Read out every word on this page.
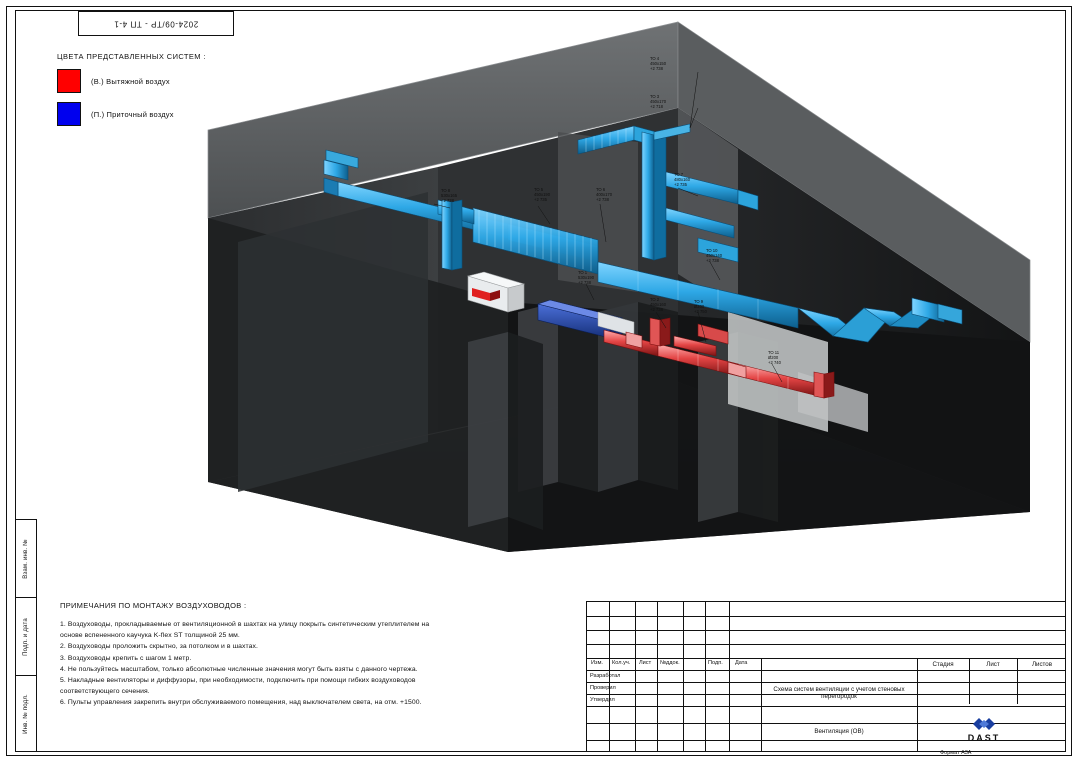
2024-09/TP - TП 4-1
Взам. инв. №
Подп. и дата
Инв. № подл.
ЦВЕТА ПРЕДСТАВЛЕННЫХ СИСТЕМ :
(В.) Вытяжной воздух
(П.) Приточный воздух
ТО 4
450х150
+2 738
ТО 3
450х170
+2 718
ТО 8
530х165
+2 738
ТО 5
450х190
+2 735
ТО 6
400х170
+2 738
ТО 7
480х160
+2 735
ТО 10
450х140
+2 738
ТО 1
530х190
+2 738
ТО 2
450х160
+2 738
ТО 9
Ø200
+2 750
ТО 11
Ø200
+2 740
ПРИМЕЧАНИЯ ПО МОНТАЖУ ВОЗДУХОВОДОВ :
1. Воздуховоды, прокладываемые от вентиляционной в шахтах на улицу покрыть синтетическим утеплителем на
основе вспененного каучука K-flex ST толщиной 25 мм.
2. Воздуховоды проложить скрытно, за потолком и в шахтах.
3. Воздуховоды крепить с шагом 1 метр.
4. Не пользуйтесь масштабом, только абсолютные численные значения могут быть взяты с данного чертежа.
5. Накладные вентиляторы и диффузоры, при необходимости, подключить при помощи гибких воздуховодов
соответствующего сечения.
6. Пульты управления закрепить внутри обслуживаемого помещения, над выключателем света, на отм. +1500.
Изм. Кол.уч. Лист №ддок.	Подп. Дата
Разработал
Проверил
Утвердил
Схема систем вентиляции с учетом стеновых перегородок
Вентиляция (ОВ)
Стадия	Лист	Листов
DAST
Формат А3А
